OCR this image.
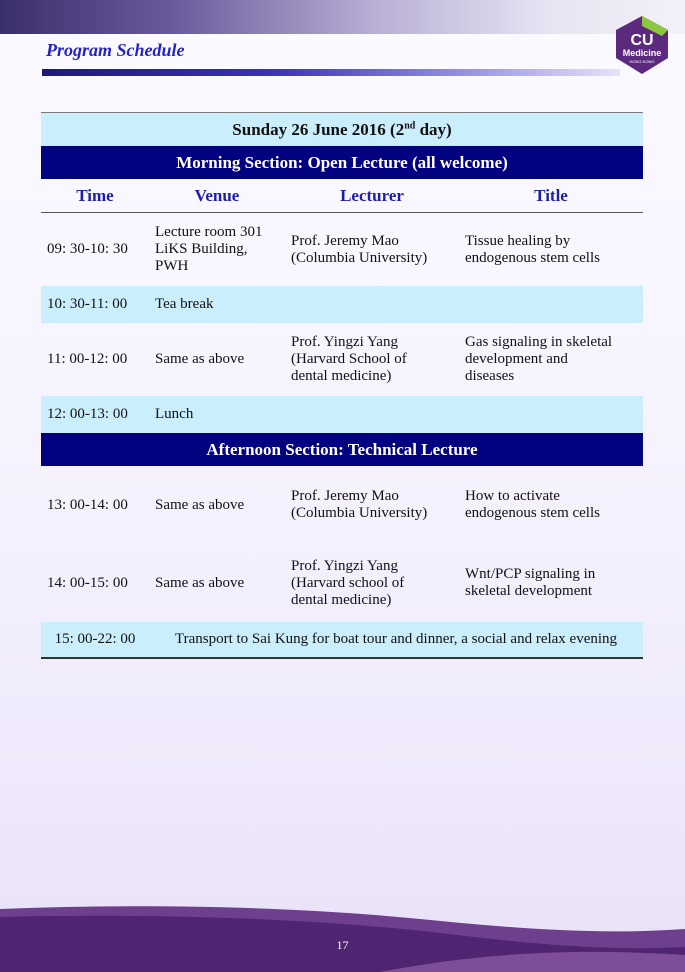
Program Schedule	CU
Medicine
HONG KONG
Sunday 26 June 2016 (2nd day)			
Morning Section: Open Lecture (all welcome)			
Time	Venue	Lecturer	Title
09: 30-10: 30	Lecture room 301
LiKS Building,
PWH	Prof. Jeremy Mao
(Columbia University)	Tissue healing by
endogenous stem cells
10: 30-11: 00	Tea break		
11: 00-12: 00	Same as above	Prof. Yingzi Yang
(Harvard School of
dental medicine)	Gas signaling in skeletal
development and
diseases
12: 00-13: 00	Lunch		
Afternoon Section: Technical Lecture			
13: 00-14: 00	Same as above	Prof. Jeremy Mao
(Columbia University)	How to activate
endogenous stem cells
14: 00-15: 00	Same as above	Prof. Yingzi Yang
(Harvard school of
dental medicine)	Wnt/PCP signaling in
skeletal development
15: 00-22: 00	Transport to Sai Kung for boat tour and dinner, a social and relax evening		
17
